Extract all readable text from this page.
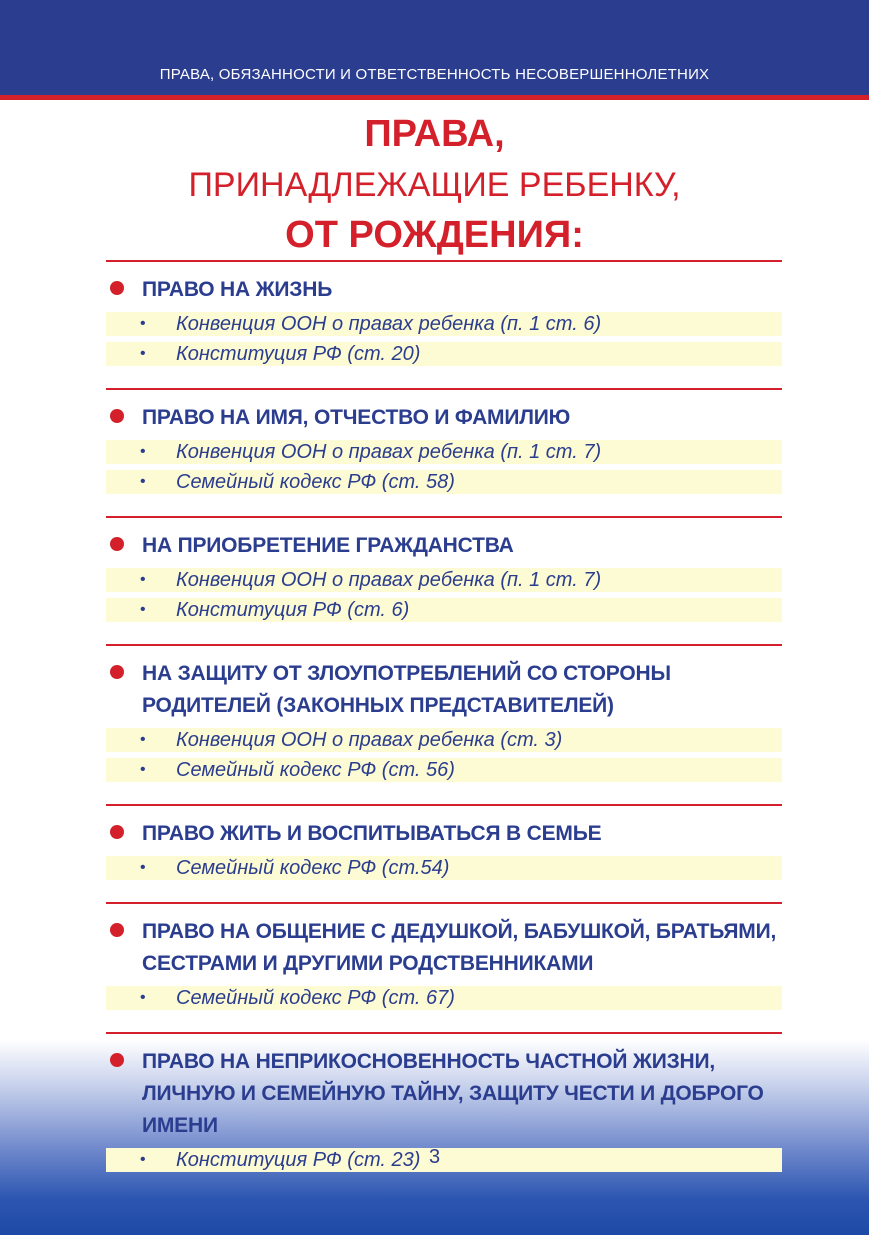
ПРАВА, ОБЯЗАННОСТИ И ОТВЕТСТВЕННОСТЬ НЕСОВЕРШЕННОЛЕТНИХ
ПРАВА,
ПРИНАДЛЕЖАЩИЕ РЕБЕНКУ,
ОТ РОЖДЕНИЯ:
ПРАВО НА ЖИЗНЬ
•	Конвенция ООН о правах ребенка (п. 1 ст. 6)
•	Конституция РФ (ст. 20)
ПРАВО НА ИМЯ, ОТЧЕСТВО И ФАМИЛИЮ
•	Конвенция ООН о правах ребенка (п. 1 ст. 7)
•	Семейный кодекс РФ (ст. 58)
НА ПРИОБРЕТЕНИЕ ГРАЖДАНСТВА
•	Конвенция ООН о правах ребенка (п. 1 ст. 7)
•	Конституция РФ (ст. 6)
НА ЗАЩИТУ ОТ ЗЛОУПОТРЕБЛЕНИЙ СО СТОРОНЫ РОДИТЕЛЕЙ (ЗАКОННЫХ ПРЕДСТАВИТЕЛЕЙ)
•	Конвенция ООН о правах ребенка (ст. 3)
•	Семейный кодекс РФ (ст. 56)
ПРАВО ЖИТЬ И ВОСПИТЫВАТЬСЯ В СЕМЬЕ
•	Семейный кодекс РФ (ст.54)
ПРАВО НА ОБЩЕНИЕ С ДЕДУШКОЙ, БАБУШКОЙ, БРАТЬЯМИ, СЕСТРАМИ И ДРУГИМИ РОДСТВЕННИКАМИ
•	Семейный кодекс РФ (ст. 67)
ПРАВО НА НЕПРИКОСНОВЕННОСТЬ ЧАСТНОЙ ЖИЗНИ, ЛИЧНУЮ И СЕМЕЙНУЮ ТАЙНУ, ЗАЩИТУ ЧЕСТИ И ДОБРОГО ИМЕНИ
•	Конституция РФ (ст. 23) 3
